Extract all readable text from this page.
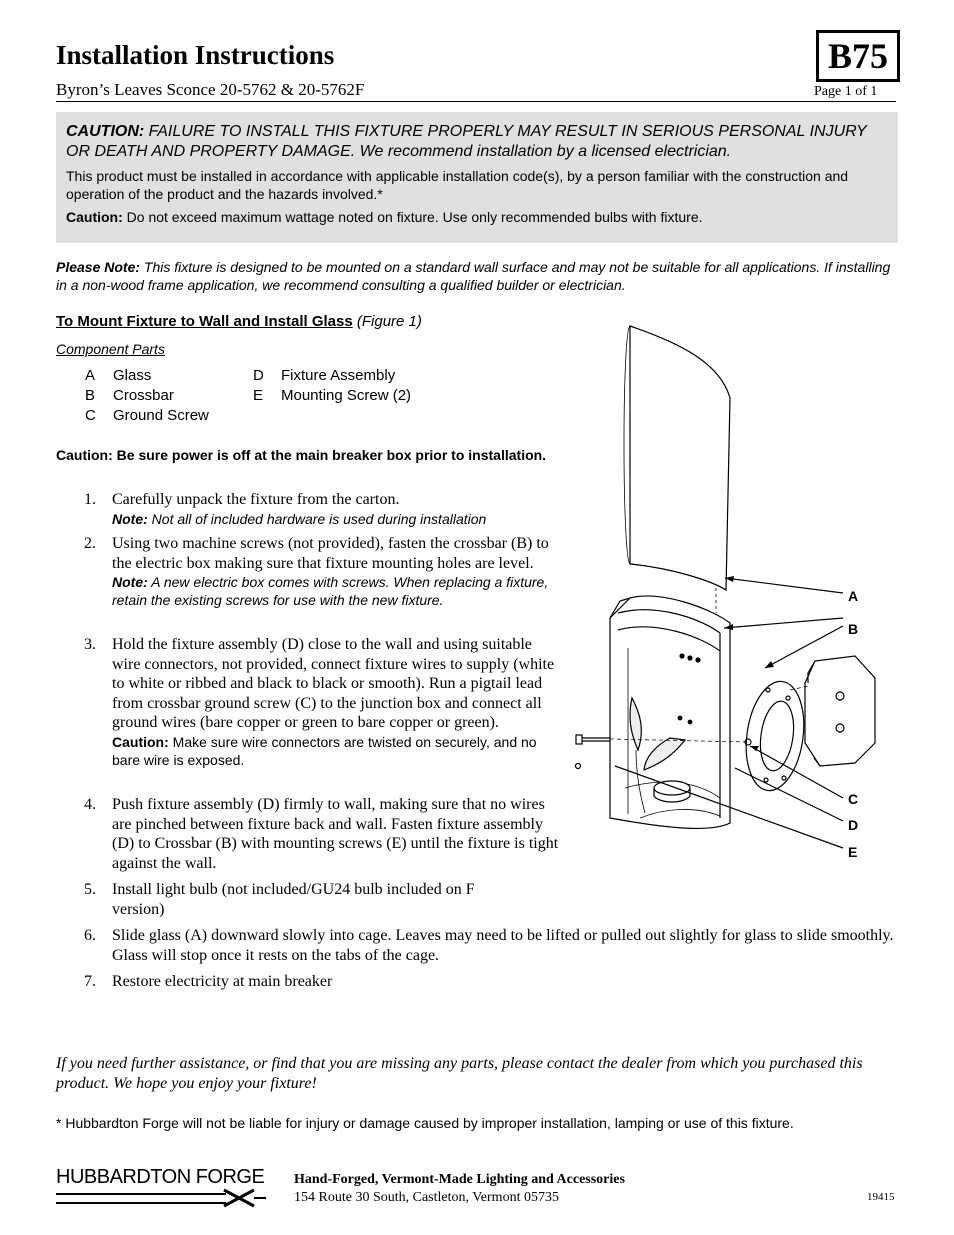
Installation Instructions
Byron’s Leaves Sconce 20-5762 & 20-5762F
B75
Page 1 of 1
CAUTION: FAILURE TO INSTALL THIS FIXTURE PROPERLY MAY RESULT IN SERIOUS PERSONAL INJURY OR DEATH AND PROPERTY DAMAGE. We recommend installation by a licensed electrician.
This product must be installed in accordance with applicable installation code(s), by a person familiar with the construction and operation of the product and the hazards involved.*
Caution: Do not exceed maximum wattage noted on fixture. Use only recommended bulbs with fixture.
Please Note: This fixture is designed to be mounted on a standard wall surface and may not be suitable for all applications. If installing in a non-wood frame application, we recommend consulting a qualified builder or electrician.
To Mount Fixture to Wall and Install Glass (Figure 1)
Component Parts
A Glass
B Crossbar
C Ground Screw
D Fixture Assembly
E Mounting Screw (2)
Caution: Be sure power is off at the main breaker box prior to installation.
1. Carefully unpack the fixture from the carton.
Note: Not all of included hardware is used during installation
2. Using two machine screws (not provided), fasten the crossbar (B) to the electric box making sure that fixture mounting holes are level.
Note: A new electric box comes with screws. When replacing a fixture, retain the existing screws for use with the new fixture.
3. Hold the fixture assembly (D) close to the wall and using suitable wire connectors, not provided, connect fixture wires to supply (white to white or ribbed and black to black or smooth). Run a pigtail lead from crossbar ground screw (C) to the junction box and connect all ground wires (bare copper or green to bare copper or green).
Caution: Make sure wire connectors are twisted on securely, and no bare wire is exposed.
4. Push fixture assembly (D) firmly to wall, making sure that no wires are pinched between fixture back and wall. Fasten fixture assembly (D) to Crossbar (B) with mounting screws (E) until the fixture is tight against the wall.
5. Install light bulb (not included/GU24 bulb included on F version)
6. Slide glass (A) downward slowly into cage. Leaves may need to be lifted or pulled out slightly for glass to slide smoothly. Glass will stop once it rests on the tabs of the cage.
7. Restore electricity at main breaker
A
B
C
D
E
If you need further assistance, or find that you are missing any parts, please contact the dealer from which you purchased this product. We hope you enjoy your fixture!
* Hubbardton Forge will not be liable for injury or damage caused by improper installation, lamping or use of this fixture.
HUBBARDTON FORGE Hand-Forged, Vermont-Made Lighting and Accessories
154 Route 30 South, Castleton, Vermont 05735	19415
